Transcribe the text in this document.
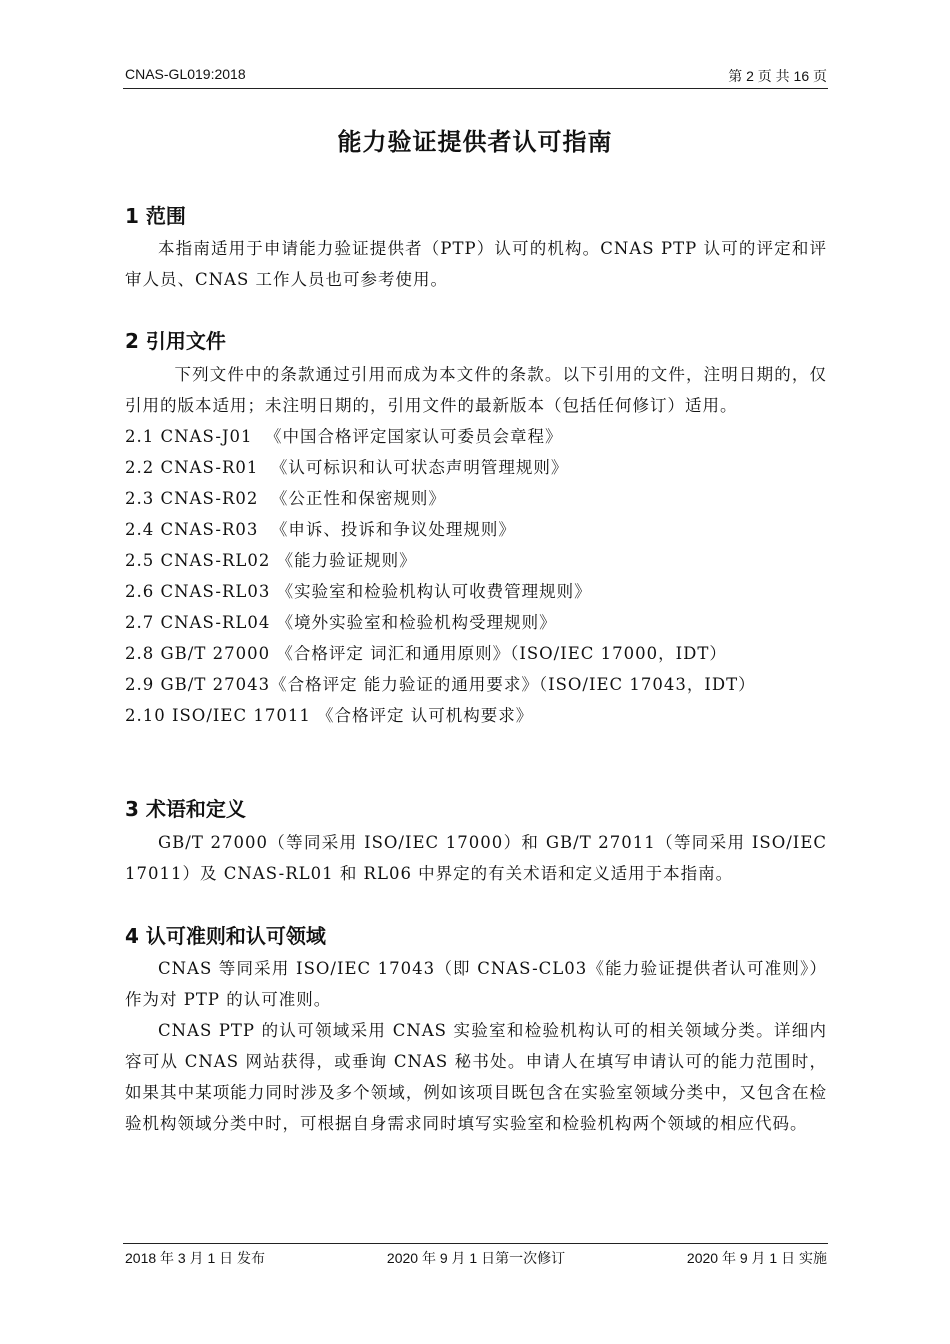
CNAS-GL019:2018	第 2 页 共 16 页
能力验证提供者认可指南
1 范围

本指南适用于申请能力验证提供者（PTP）认可的机构。CNAS PTP 认可的评定和评审人员、CNAS 工作人员也可参考使用。

2 引用文件

下列文件中的条款通过引用而成为本文件的条款。以下引用的文件，注明日期的，仅引用的版本适用；未注明日期的，引用文件的最新版本（包括任何修订）适用。

2.1 CNAS-J01  《中国合格评定国家认可委员会章程》

2.2 CNAS-R01  《认可标识和认可状态声明管理规则》

2.3 CNAS-R02  《公正性和保密规则》

2.4 CNAS-R03  《申诉、投诉和争议处理规则》

2.5 CNAS-RL02 《能力验证规则》

2.6 CNAS-RL03 《实验室和检验机构认可收费管理规则》

2.7 CNAS-RL04 《境外实验室和检验机构受理规则》

2.8 GB/T 27000 《合格评定 词汇和通用原则》（ISO/IEC 17000，IDT）

2.9 GB/T 27043《合格评定 能力验证的通用要求》（ISO/IEC 17043，IDT）

2.10 ISO/IEC 17011 《合格评定 认可机构要求》

3 术语和定义

GB/T 27000（等同采用 ISO/IEC 17000）和 GB/T 27011（等同采用 ISO/IEC 17011）及 CNAS-RL01 和 RL06 中界定的有关术语和定义适用于本指南。

4 认可准则和认可领域

CNAS 等同采用 ISO/IEC 17043（即 CNAS-CL03《能力验证提供者认可准则》）作为对 PTP 的认可准则。

CNAS PTP 的认可领域采用 CNAS 实验室和检验机构认可的相关领域分类。详细内容可从 CNAS 网站获得，或垂询 CNAS 秘书处。申请人在填写申请认可的能力范围时，如果其中某项能力同时涉及多个领域，例如该项目既包含在实验室领域分类中，又包含在检验机构领域分类中时，可根据自身需求同时填写实验室和检验机构两个领域的相应代码。

2018 年 3 月 1 日 发布	2020 年 9 月 1 日第一次修订	2020 年 9 月 1 日 实施
